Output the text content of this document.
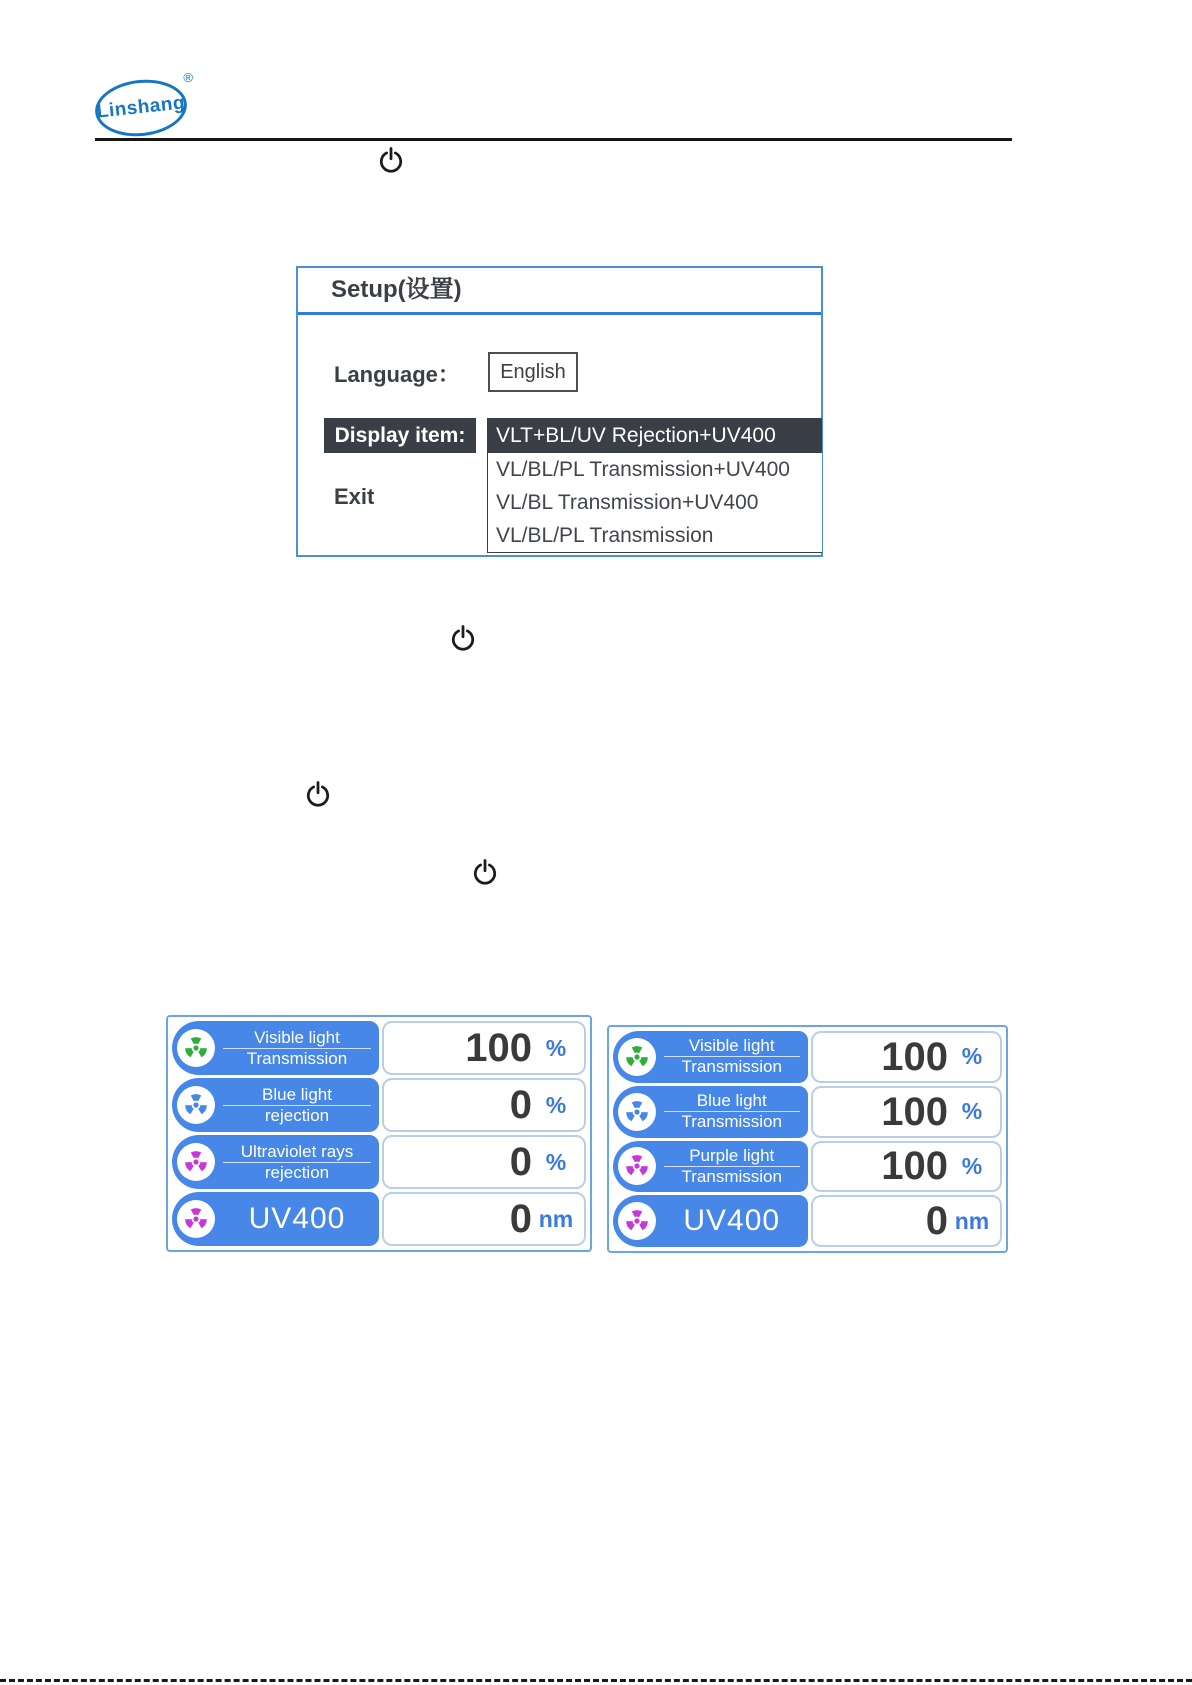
Linshang
®
Setup(设置)
Language：	English
Display item:	VLT+BL/UV Rejection+UV400
VL/BL/PL Transmission+UV400
VL/BL Transmission+UV400
VL/BL/PL Transmission
Exit
Visible light
Transmission	100 %
Blue light
rejection	0 %
Ultraviolet rays
rejection	0 %
UV400	0 nm
Visible light
Transmission 100 %
Blue light
Transmission 100 %
Purple light
Transmission 100 %
UV400	0 nm
